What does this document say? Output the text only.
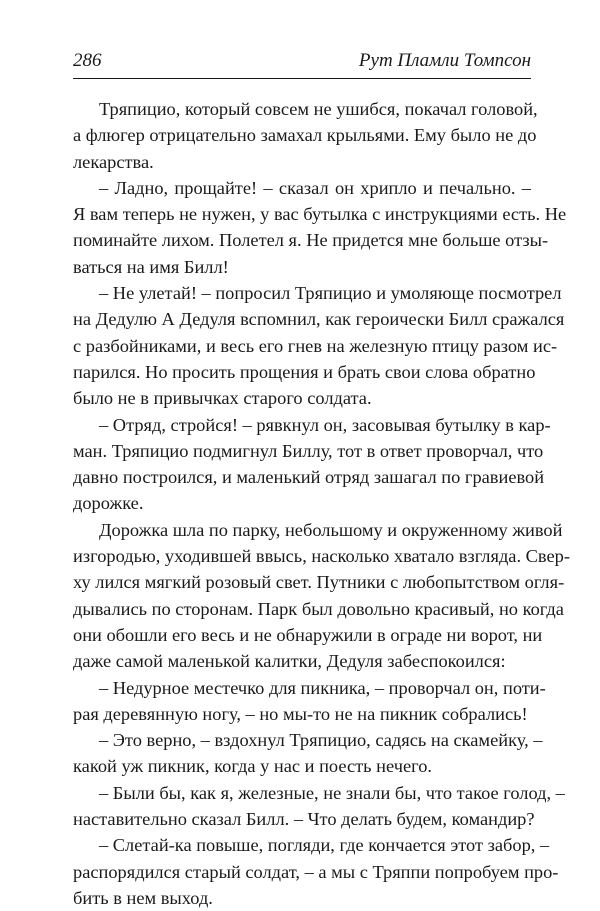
286	Рут Пламли Томпсон

Тряпицио, который совсем не ушибся, покачал головой,
а флюгер отрицательно замахал крыльями. Ему было не до
лекарства.

– Ладно, прощайте! – сказал он хрипло и печально. –
Я вам теперь не нужен, у вас бутылка с инструкциями есть. Не
поминайте лихом. Полетел я. Не придется мне больше отзы-
ваться на имя Билл!

– Не улетай! – попросил Тряпицио и умоляюще посмотрел
на Дедулю А Дедуля вспомнил, как героически Билл сражался
с разбойниками, и весь его гнев на железную птицу разом ис-
парился. Но просить прощения и брать свои слова обратно
было не в привычках старого солдата.

– Отряд, стройся! – рявкнул он, засовывая бутылку в кар-
ман. Тряпицио подмигнул Биллу, тот в ответ проворчал, что
давно построился, и маленький отряд зашагал по гравиевой
дорожке.

Дорожка шла по парку, небольшому и окруженному живой
изгородью, уходившей ввысь, насколько хватало взгляда. Свер-
ху лился мягкий розовый свет. Путники с любопытством огля-
дывались по сторонам. Парк был довольно красивый, но когда
они обошли его весь и не обнаружили в ограде ни ворот, ни
даже самой маленькой калитки, Дедуля забеспокоился:

– Недурное местечко для пикника, – проворчал он, поти-
рая деревянную ногу, – но мы-то не на пикник собрались!

– Это верно, – вздохнул Тряпицио, садясь на скамейку, –
какой уж пикник, когда у нас и поесть нечего.

– Были бы, как я, железные, не знали бы, что такое голод, –
наставительно сказал Билл. – Что делать будем, командир?

– Слетай-ка повыше, погляди, где кончается этот забор, –
распорядился старый солдат, – а мы с Тряппи попробуем про-
бить в нем выход.
